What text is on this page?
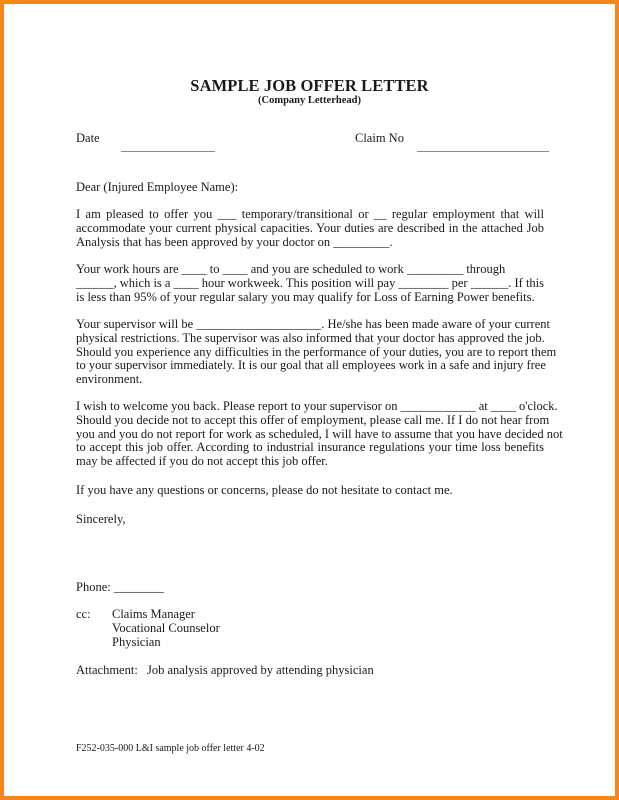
SAMPLE JOB OFFER LETTER
(Company Letterhead)
Date	Claim No
Dear (Injured Employee Name):
I am pleased to offer you ___ temporary/transitional or __ regular employment that will
accommodate your current physical capacities. Your duties are described in the attached Job
Analysis that has been approved by your doctor on _________.
Your work hours are ____ to ____ and you are scheduled to work _________ through
______, which is a ____ hour workweek. This position will pay ________ per ______. If this
is less than 95% of your regular salary you may qualify for Loss of Earning Power benefits.
Your supervisor will be ____________________. He/she has been made aware of your current
physical restrictions. The supervisor was also informed that your doctor has approved the job.
Should you experience any difficulties in the performance of your duties, you are to report them
to your supervisor immediately. It is our goal that all employees work in a safe and injury free
environment.
I wish to welcome you back. Please report to your supervisor on ____________ at ____ o'clock.
Should you decide not to accept this offer of employment, please call me. If I do not hear from
you and you do not report for work as scheduled, I will have to assume that you have decided not
to accept this job offer. According to industrial insurance regulations your time loss benefits
may be affected if you do not accept this job offer.
If you have any questions or concerns, please do not hesitate to contact me.
Sincerely,
Phone: ________
cc: Claims Manager
Vocational Counselor
Physician
Attachment: Job analysis approved by attending physician
F252-035-000 L&I sample job offer letter 4-02
